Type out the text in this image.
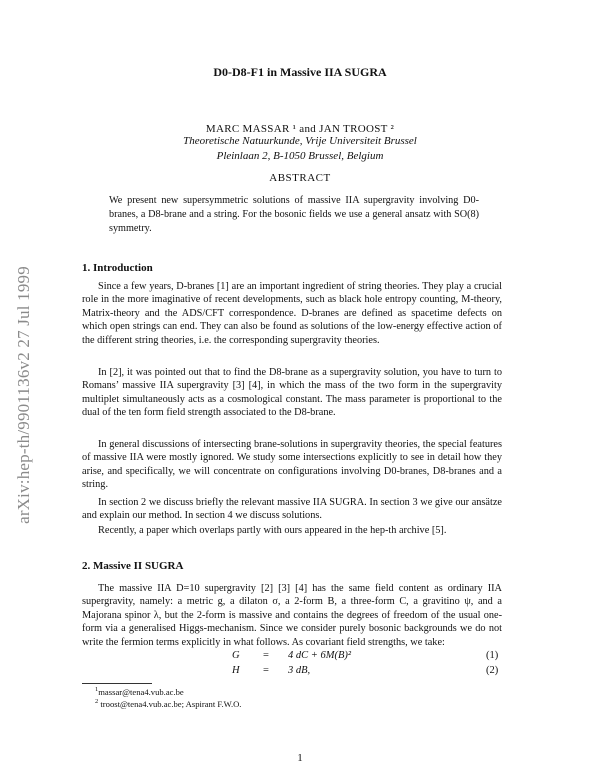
arXiv:hep-th/9901136v2 27 Jul 1999
D0-D8-F1 in Massive IIA SUGRA
MARC MASSAR ¹ and JAN TROOST ²
Theoretische Natuurkunde, Vrije Universiteit Brussel
Pleinlaan 2, B-1050 Brussel, Belgium
ABSTRACT
We present new supersymmetric solutions of massive IIA supergravity involving D0-branes, a D8-brane and a string. For the bosonic fields we use a general ansatz with SO(8) symmetry.
1. Introduction
Since a few years, D-branes [1] are an important ingredient of string theories. They play a crucial role in the more imaginative of recent developments, such as black hole entropy counting, M-theory, Matrix-theory and the ADS/CFT correspondence. D-branes are defined as spacetime defects on which open strings can end. They can also be found as solutions of the low-energy effective action of the different string theories, i.e. the corresponding supergravity theories.
In [2], it was pointed out that to find the D8-brane as a supergravity solution, you have to turn to Romans’ massive IIA supergravity [3] [4], in which the mass of the two form in the supergravity multiplet simultaneously acts as a cosmological constant. The mass parameter is proportional to the dual of the ten form field strength associated to the D8-brane.
In general discussions of intersecting brane-solutions in supergravity theories, the special features of massive IIA were mostly ignored. We study some intersections explicitly to see in detail how they arise, and specifically, we will concentrate on configurations involving D0-branes, D8-branes and a string.
In section 2 we discuss briefly the relevant massive IIA SUGRA. In section 3 we give our ansätze and explain our method. In section 4 we discuss solutions.
Recently, a paper which overlaps partly with ours appeared in the hep-th archive [5].
2. Massive II SUGRA
The massive IIA D=10 supergravity [2] [3] [4] has the same field content as ordinary IIA supergravity, namely: a metric g, a dilaton σ, a 2-form B, a three-form C, a gravitino ψ, and a Majorana spinor λ, but the 2-form is massive and contains the degrees of freedom of the usual one-form via a generalised Higgs-mechanism. Since we consider purely bosonic backgrounds we do not write the fermion terms explicitly in what follows. As covariant field strengths, we take:
G = 4 dC + 6M(B)²	(1)
H = 3 dB,	(2)
$^1$massar@tena4.vub.ac.be
$^2$ troost@tena4.vub.ac.be; Aspirant F.W.O.
1
